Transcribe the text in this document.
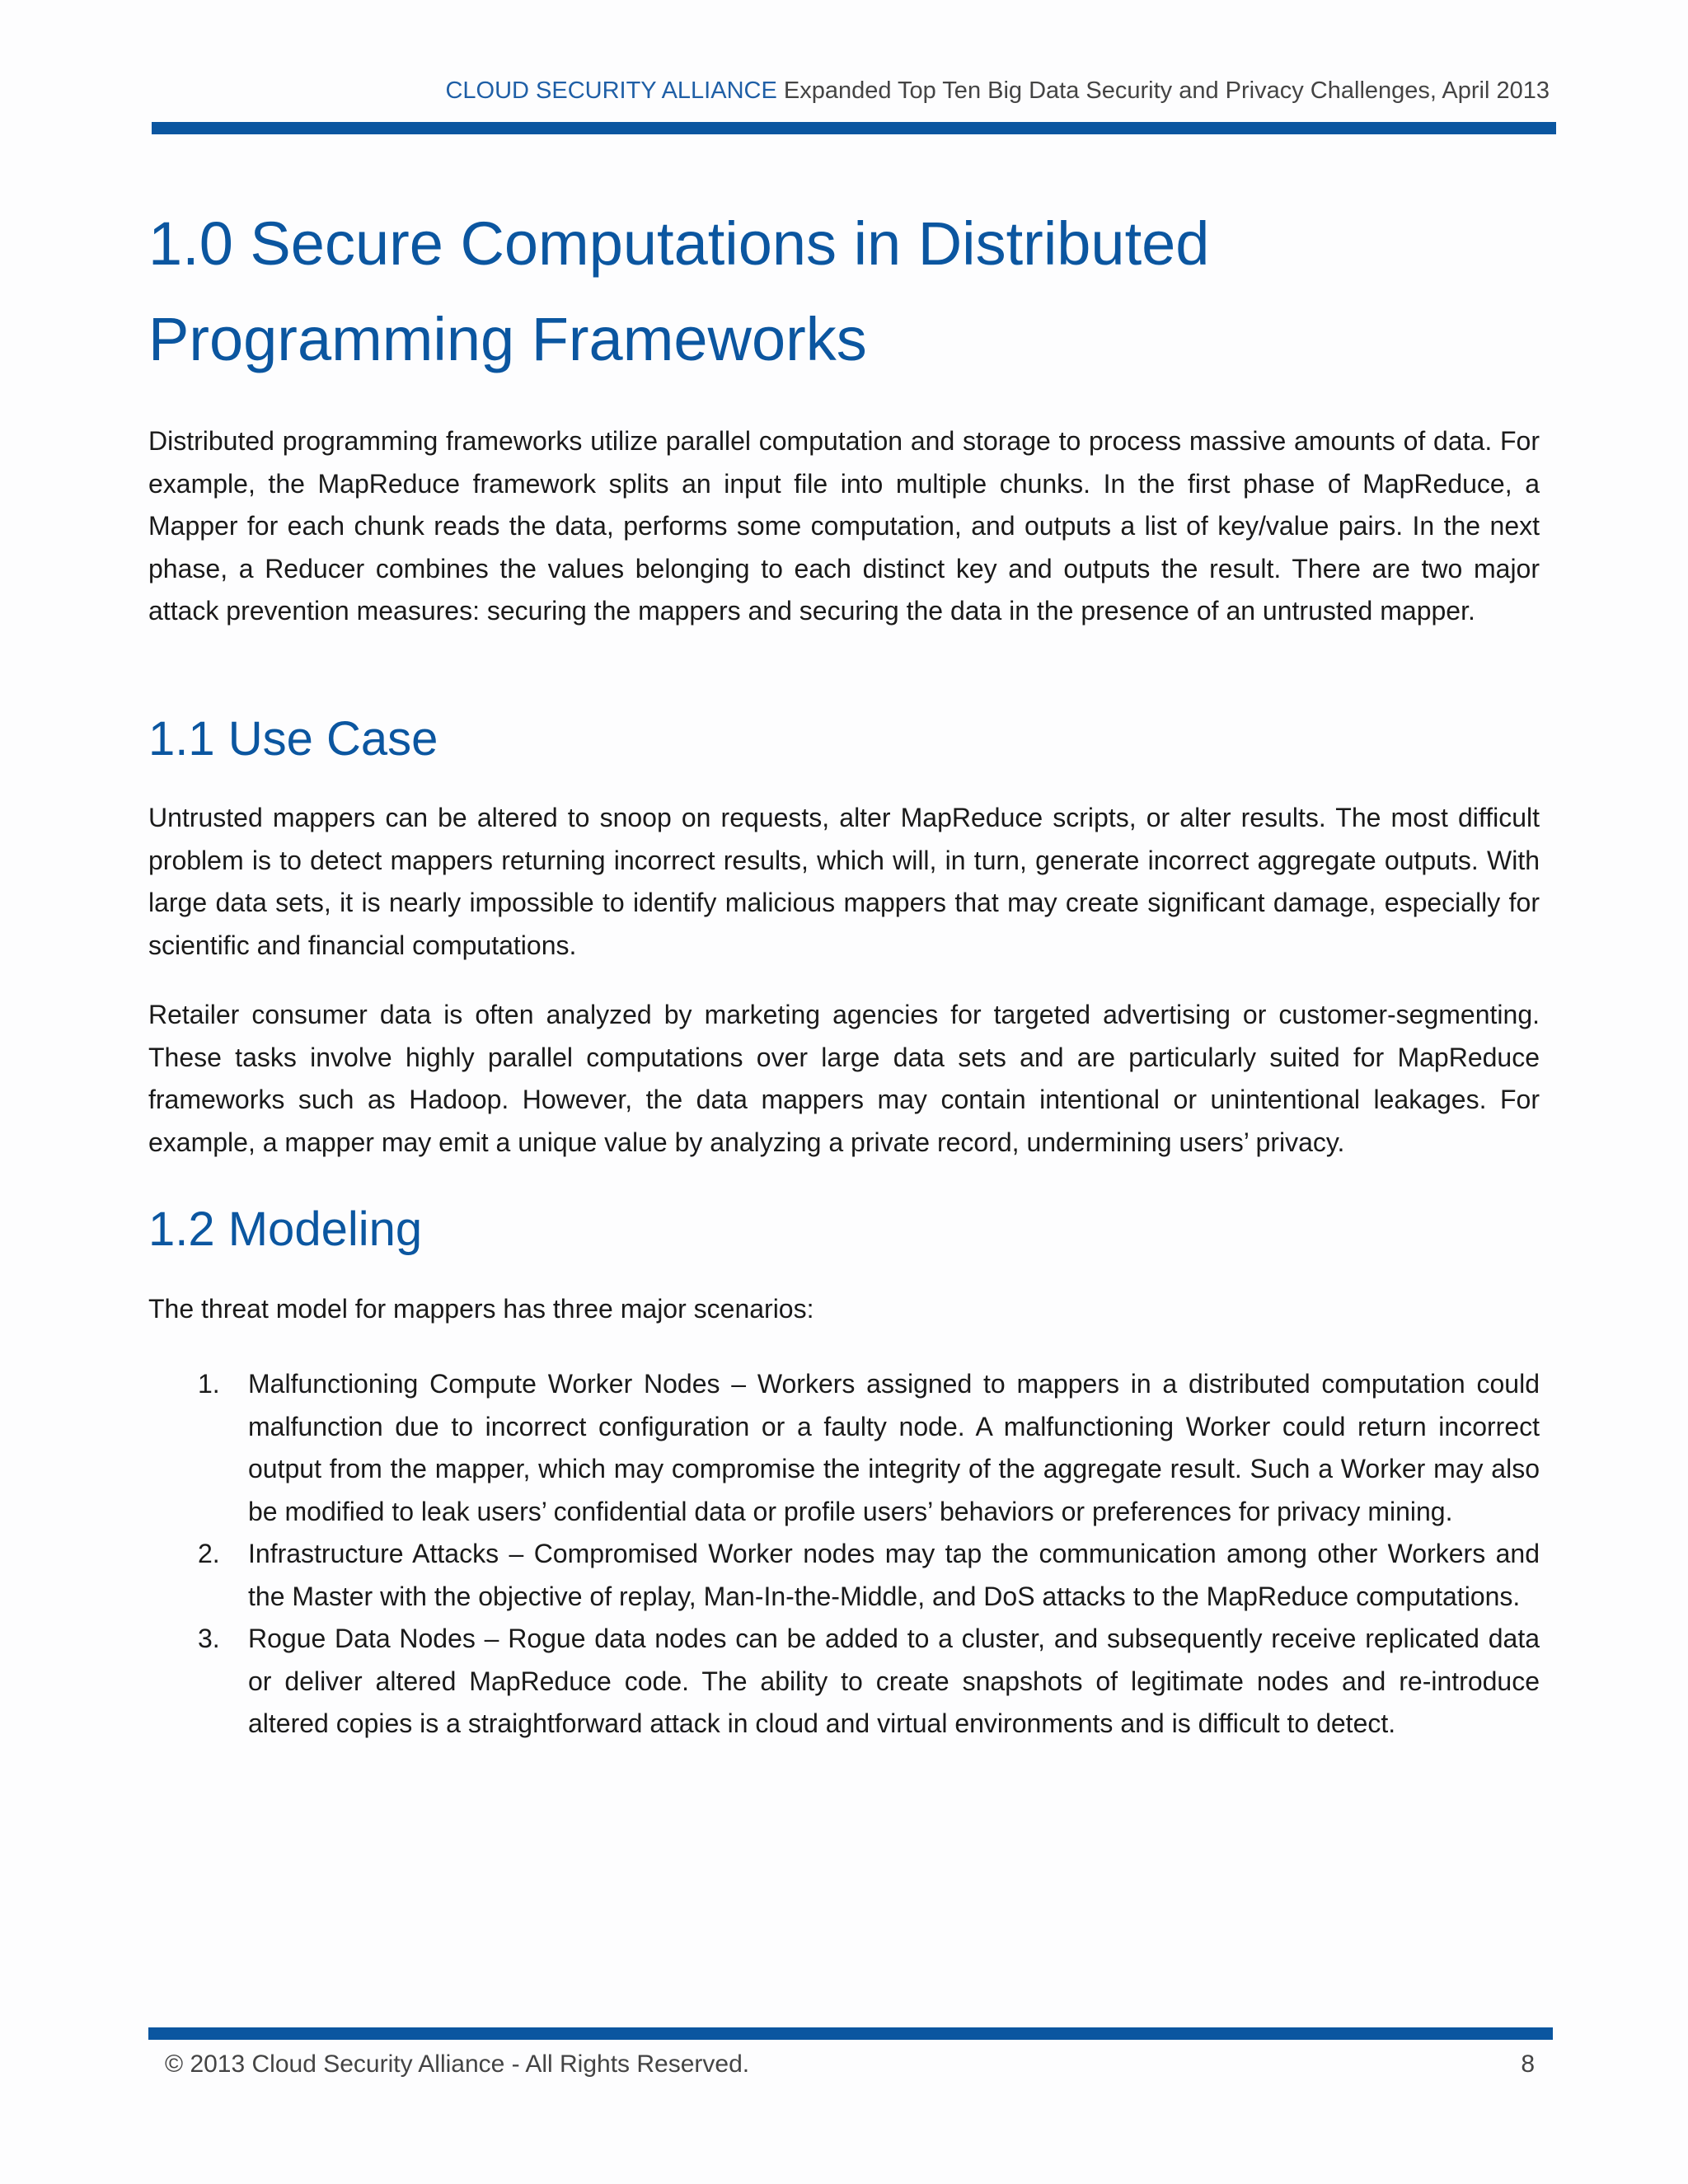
CLOUD SECURITY ALLIANCE Expanded Top Ten Big Data Security and Privacy Challenges, April 2013
1.0 Secure Computations in Distributed
Programming Frameworks

Distributed programming frameworks utilize parallel computation and storage to process massive amounts of data. For example, the MapReduce framework splits an input file into multiple chunks. In the first phase of MapReduce, a Mapper for each chunk reads the data, performs some computation, and outputs a list of key/value pairs. In the next phase, a Reducer combines the values belonging to each distinct key and outputs the result. There are two major attack prevention measures: securing the mappers and securing the data in the presence of an untrusted mapper.

1.1 Use Case

Untrusted mappers can be altered to snoop on requests, alter MapReduce scripts, or alter results. The most difficult problem is to detect mappers returning incorrect results, which will, in turn, generate incorrect aggregate outputs. With large data sets, it is nearly impossible to identify malicious mappers that may create significant damage, especially for scientific and financial computations.

Retailer consumer data is often analyzed by marketing agencies for targeted advertising or customer-segmenting. These tasks involve highly parallel computations over large data sets and are particularly suited for MapReduce frameworks such as Hadoop. However, the data mappers may contain intentional or unintentional leakages. For example, a mapper may emit a unique value by analyzing a private record, undermining users’ privacy.

1.2 Modeling

The threat model for mappers has three major scenarios:

1. Malfunctioning Compute Worker Nodes – Workers assigned to mappers in a distributed computation could malfunction due to incorrect configuration or a faulty node. A malfunctioning Worker could return incorrect output from the mapper, which may compromise the integrity of the aggregate result. Such a Worker may also be modified to leak users’ confidential data or profile users’ behaviors or preferences for privacy mining.
2. Infrastructure Attacks – Compromised Worker nodes may tap the communication among other Workers and the Master with the objective of replay, Man-In-the-Middle, and DoS attacks to the MapReduce computations.
3. Rogue Data Nodes – Rogue data nodes can be added to a cluster, and subsequently receive replicated data or deliver altered MapReduce code. The ability to create snapshots of legitimate nodes and re-introduce altered copies is a straightforward attack in cloud and virtual environments and is difficult to detect.
© 2013 Cloud Security Alliance - All Rights Reserved.	8
